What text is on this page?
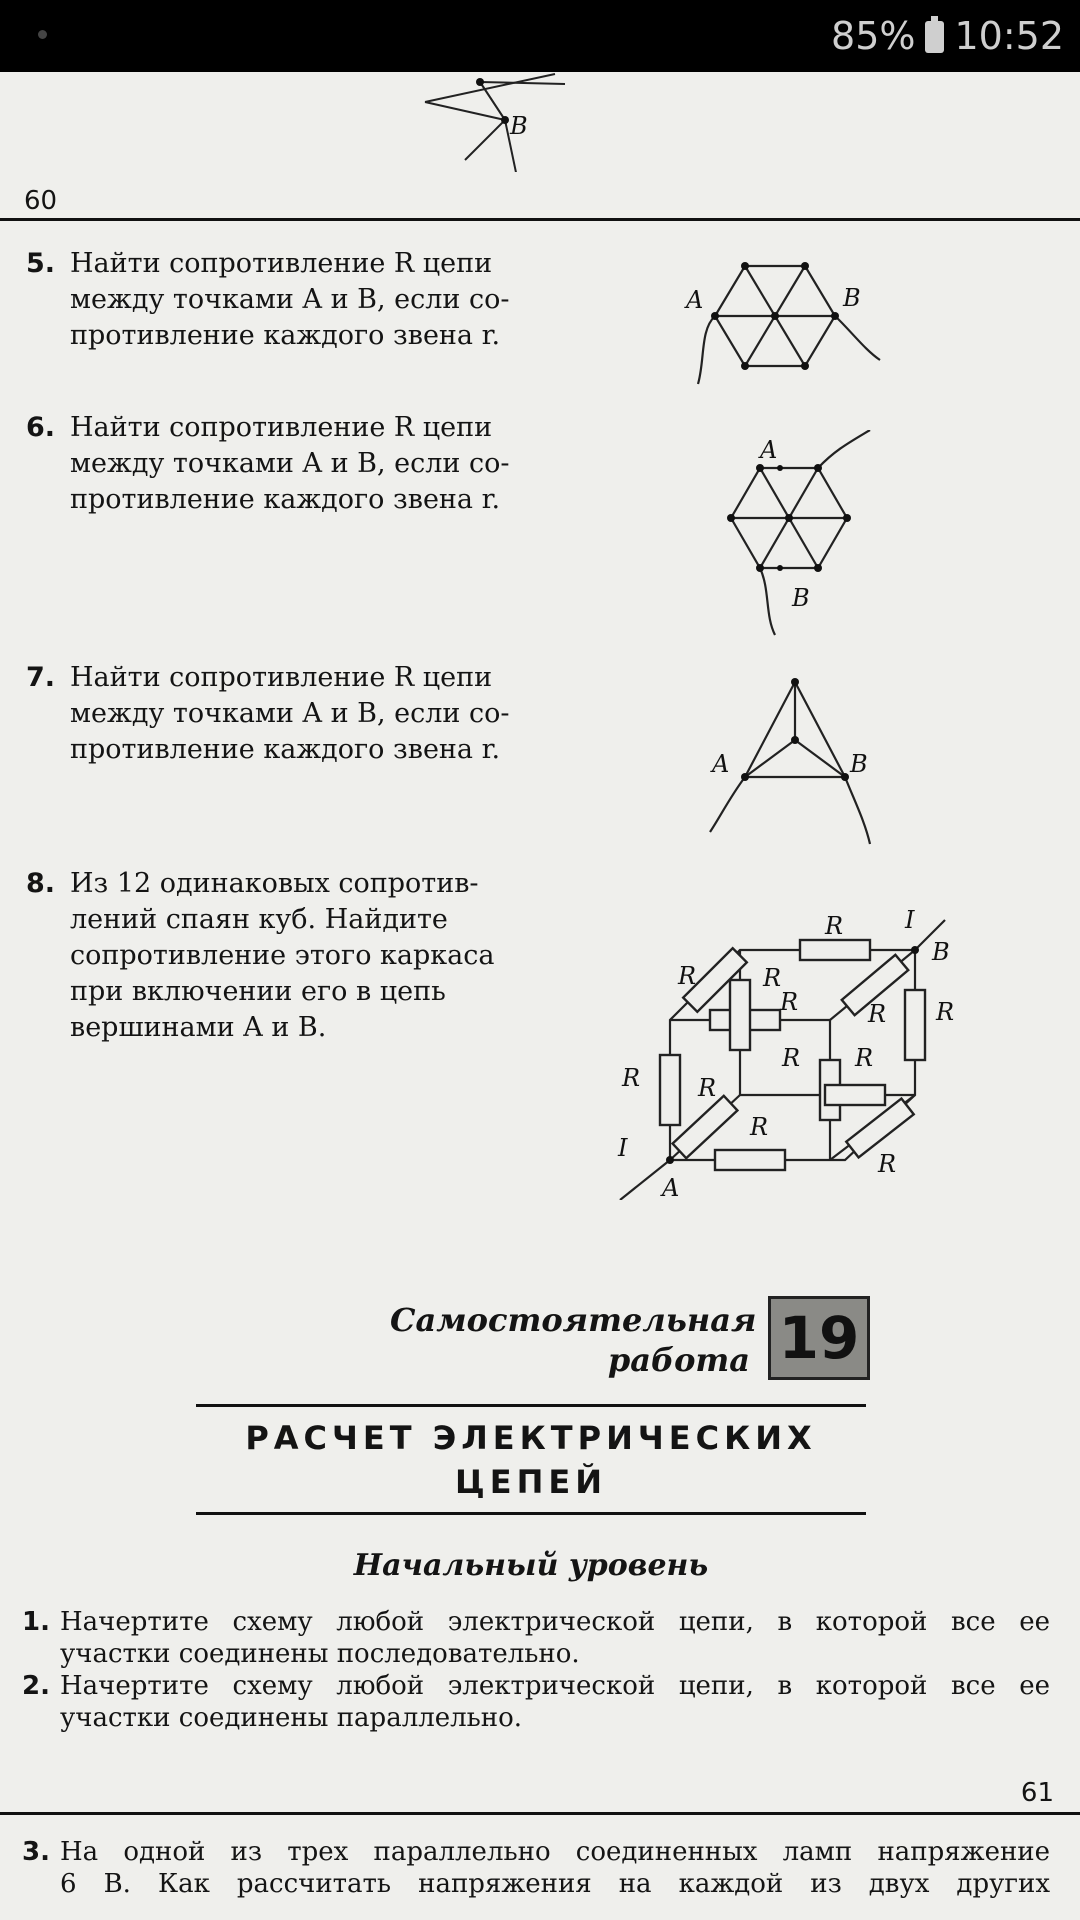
85% 10:52
B
60
5. Найти сопротивление R цепи
между точками A и B, если со-
противление каждого звена r.
A	B
6. Найти сопротивление R цепи
между точками A и B, если со-
противление каждого звена r.
A
B
7. Найти сопротивление R цепи
между точками A и B, если со-
противление каждого звена r.	A	B
8. Из 12 одинаковых сопротив-
лений спаян куб. Найдите
сопротивление этого каркаса
при включении его в цепь
вершинами A и B.
R
R	R
R	R R
R R
R R
R
R
I
I
A
B
Самостоятельная
работа 19
РАСЧЕТ ЭЛЕКТРИЧЕСКИХ
ЦЕПЕЙ
Начальный уровень
1. Начертите схему любой электрической цепи, в которой все ее
участки соединены последовательно.
2. Начертите схему любой электрической цепи, в которой все ее
участки соединены параллельно.
61
3. На одной из трех параллельно соединенных ламп напряжение
6 В. Как рассчитать напряжения на каждой из двух других
